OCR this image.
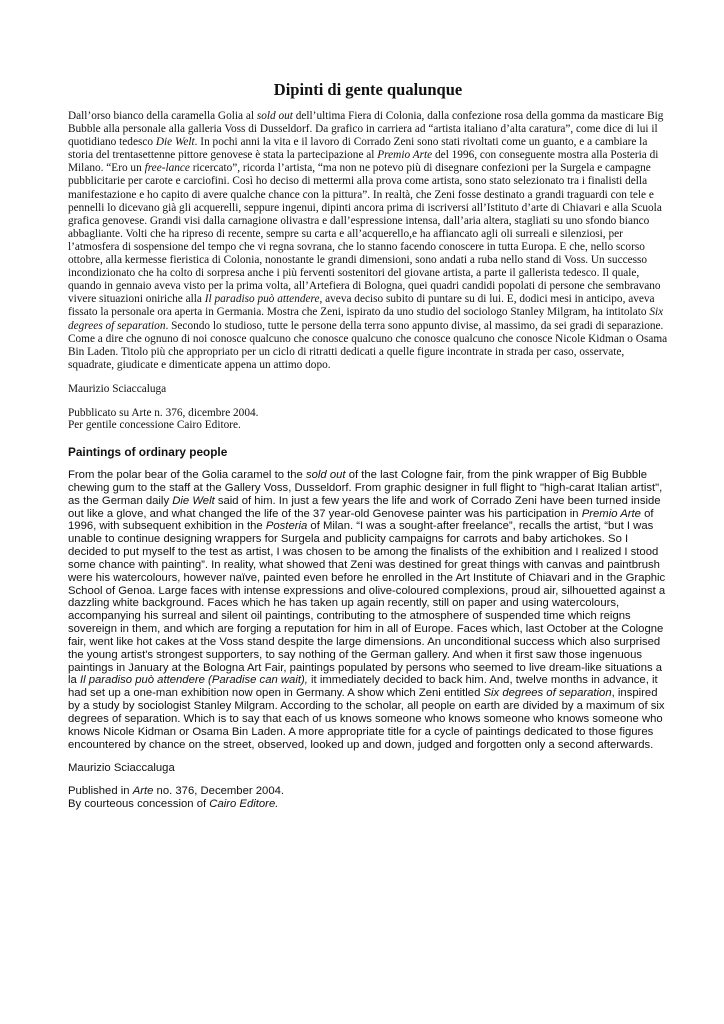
Dipinti di gente qualunque

Dall’orso bianco della caramella Golia al sold out dell’ultima Fiera di Colonia, dalla confezione rosa della gomma da masticare Big Bubble alla personale alla galleria Voss di Dusseldorf. Da grafico in carriera ad “artista italiano d’alta caratura”, come dice di lui il quotidiano tedesco Die Welt. In pochi anni la vita e il lavoro di Corrado Zeni sono stati rivoltati come un guanto, e a cambiare la storia del trentasettenne pittore genovese è stata la partecipazione al Premio Arte del 1996, con conseguente mostra alla Posteria di Milano. “Ero un free-lance ricercato”, ricorda l’artista, “ma non ne potevo più di disegnare confezioni per la Surgela e campagne pubblicitarie per carote e carciofini. Così ho deciso di mettermi alla prova come artista, sono stato selezionato tra i finalisti della manifestazione e ho capito di avere qualche chance con la pittura”. In realtà, che Zeni fosse destinato a grandi traguardi con tele e pennelli lo dicevano già gli acquerelli, seppure ingenui, dipinti ancora prima di iscriversi all’Istituto d’arte di Chiavari e alla Scuola grafica genovese. Grandi visi dalla carnagione olivastra e dall’espressione intensa, dall’aria altera, stagliati su uno sfondo bianco abbagliante. Volti che ha ripreso di recente, sempre su carta e all’acquerello,e ha affiancato agli oli surreali e silenziosi, per l’atmosfera di sospensione del tempo che vi regna sovrana, che lo stanno facendo conoscere in tutta Europa. E che, nello scorso ottobre, alla kermesse fieristica di Colonia, nonostante le grandi dimensioni, sono andati a ruba nello stand di Voss. Un successo incondizionato che ha colto di sorpresa anche i più ferventi sostenitori del giovane artista, a parte il gallerista tedesco. Il quale, quando in gennaio aveva visto per la prima volta, all’Artefiera di Bologna, quei quadri candidi popolati di persone che sembravano vivere situazioni oniriche alla Il paradiso può attendere, aveva deciso subito di puntare su di lui. E, dodici mesi in anticipo, aveva fissato la personale ora aperta in Germania. Mostra che Zeni, ispirato da uno studio del sociologo Stanley Milgram, ha intitolato Six degrees of separation. Secondo lo studioso, tutte le persone della terra sono appunto divise, al massimo, da sei gradi di separazione. Come a dire che ognuno di noi conosce qualcuno che conosce qualcuno che conosce qualcuno che conosce Nicole Kidman o Osama Bin Laden. Titolo più che appropriato per un ciclo di ritratti dedicati a quelle figure incontrate in strada per caso, osservate, squadrate, giudicate e dimenticate appena un attimo dopo.

Maurizio Sciaccaluga

Pubblicato su Arte n. 376, dicembre 2004.
Per gentile concessione Cairo Editore.

Paintings of ordinary people

From the polar bear of the Golia caramel to the sold out of the last Cologne fair, from the pink wrapper of Big Bubble chewing gum to the staff at the Gallery Voss, Dusseldorf. From graphic designer in full flight to "high-carat Italian artist", as the German daily Die Welt said of him. In just a few years the life and work of Corrado Zeni have been turned inside out like a glove, and what changed the life of the 37 year-old Genovese painter was his participation in Premio Arte of 1996, with subsequent exhibition in the Posteria of Milan. “I was a sought-after freelance”, recalls the artist, “but I was unable to continue designing wrappers for Surgela and publicity campaigns for carrots and baby artichokes. So I decided to put myself to the test as artist, I was chosen to be among the finalists of the exhibition and I realized I stood some chance with painting”. In reality, what showed that Zeni was destined for great things with canvas and paintbrush were his watercolours, however naïve, painted even before he enrolled in the Art Institute of Chiavari and in the Graphic School of Genoa. Large faces with intense expressions and olive-coloured complexions, proud air, silhouetted against a dazzling white background. Faces which he has taken up again recently, still on paper and using watercolours, accompanying his surreal and silent oil paintings, contributing to the atmosphere of suspended time which reigns sovereign in them, and which are forging a reputation for him in all of Europe. Faces which, last October at the Cologne fair, went like hot cakes at the Voss stand despite the large dimensions. An unconditional success which also surprised the young artist's strongest supporters, to say nothing of the German gallery. And when it first saw those ingenuous paintings in January at the Bologna Art Fair, paintings populated by persons who seemed to live dream-like situations a la Il paradiso può attendere (Paradise can wait), it immediately decided to back him. And, twelve months in advance, it had set up a one-man exhibition now open in Germany. A show which Zeni entitled Six degrees of separation, inspired by a study by sociologist Stanley Milgram. According to the scholar, all people on earth are divided by a maximum of six degrees of separation. Which is to say that each of us knows someone who knows someone who knows someone who knows Nicole Kidman or Osama Bin Laden. A more appropriate title for a cycle of paintings dedicated to those figures encountered by chance on the street, observed, looked up and down, judged and forgotten only a second afterwards.

Maurizio Sciaccaluga

Published in Arte no. 376, December 2004.
By courteous concession of Cairo Editore.
